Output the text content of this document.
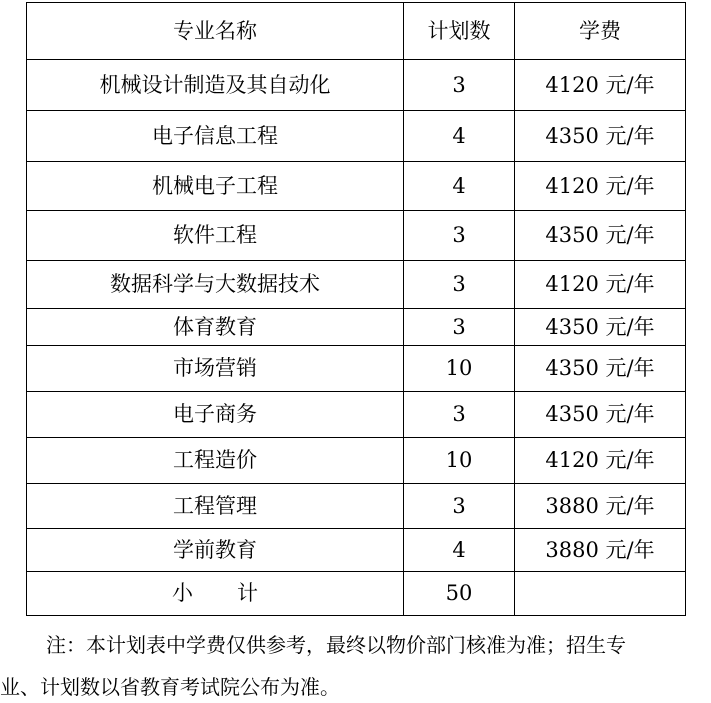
专业名称	计划数	学费
机械设计制造及其自动化	3	4120 元/年
电子信息工程	4	4350 元/年
机械电子工程	4	4120 元/年
软件工程	3	4350 元/年
数据科学与大数据技术	3	4120 元/年
体育教育	3	4350 元/年
市场营销	10	4350 元/年
电子商务	3	4350 元/年
工程造价	10	4120 元/年
工程管理	3	3880 元/年
学前教育	4	3880 元/年
小 计	50	
注：本计划表中学费仅供参考，最终以物价部门核准为准；招生专
业、计划数以省教育考试院公布为准。
